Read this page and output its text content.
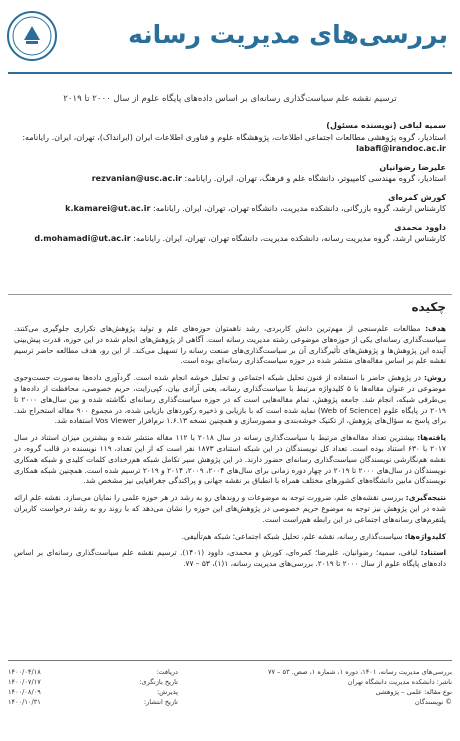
بررسی‌های مدیریت رسانه
ترسیم نقشه علم سیاست‌گذاری رسانه‌ای بر اساس داده‌های پایگاه علوم از سال ۲۰۰۰ تا ۲۰۱۹
سمیه لبافی (نویسنده مسئول)
استادیار، گروه پژوهشی مطالعات اجتماعی اطلاعات، پژوهشگاه علوم و فناوری اطلاعات ایران (ایرانداک)، تهران، ایران. رایانامه: labafi@irandoc.ac.ir
علیرضا رضوانیان
استادیار، گروه مهندسی کامپیوتر، دانشگاه علم و فرهنگ، تهران، ایران. رایانامه: rezvanian@usc.ac.ir
کورش کمره‌ای
کارشناس ارشد، گروه بازرگانی، دانشکده مدیریت، دانشگاه تهران، تهران، ایران. رایانامه: k.kamarei@ut.ac.ir
داوود محمدی
کارشناس ارشد، گروه مدیریت رسانه، دانشکده مدیریت، دانشگاه تهران، تهران، ایران. رایانامه: d.mohamadi@ut.ac.ir
چکیده

هدف: مطالعات علم‌سنجی از مهم‌ترین دانش کاربردی، رشد ناهمتوان حوزه‌های علم و تولید پژوهش‌های تکراری جلوگیری می‌کنند. سیاست‌گذاری رسانه‌ای یکی از حوزه‌های موضوعی رشته مدیریت رسانه است. آگاهی از پژوهش‌های انجام شده در این حوزه، قدرت پیش‌بینی آینده این پژوهش‌ها و پژوهش‌های تأثیرگذاری آن بر سیاست‌گذاری‌های صنعت رسانه را تسهیل می‌کند. از این رو، هدف مطالعه حاضر ترسیم نقشه علم بر اساس مقاله‌های منتشر شده در حوزه سیاست‌گذاری رسانه‌ای بوده است.

روش: در پژوهش حاضر با استفاده از فنون تحلیل شبکه اجتماعی و تحلیل خوشه انجام شده است. گردآوری داده‌ها به‌صورت جست‌وجوی موضوعی در عنوان مقاله‌ها با ۵ کلیدواژه مرتبط با سیاست‌گذاری رسانه، یعنی آزادی بیان، کپی‌رایت، حریم خصوصی، محافظت از داده‌ها و بی‌طرفی شبکه، انجام شد. جامعه پژوهش، تمام مقاله‌هایی است که در حوزه سیاست‌گذاری رسانه‌ای نگاشته شده و بین سال‌های ۲۰۰۰ تا ۲۰۱۹ در پایگاه علوم (Web of Science) نمایه شده است که با بازیابی و ذخیره رکوردهای بازیابی شده، در مجموع ۹۰۰ مقاله استخراج شد. برای پاسخ به سؤال‌های پژوهش، از تکنیک خوشه‌بندی و مصورسازی و همچنین نسخه ۱.۶.۱۳ نرم‌افزار Vos Viewer استفاده شد.

یافته‌ها: بیشترین تعداد مقاله‌های مرتبط با سیاست‌گذاری رسانه در سال ۲۰۱۸ با ۱۱۲ مقاله منتشر شده و بیشترین میزان استناد در سال ۲۰۱۷ با ۶۳۰ استناد بوده است. تعداد کل نویسندگان در این شبکه استنادی ۱۸۷۳ نفر است که از این تعداد، ۱۱۹ نویسنده در قالب گروه، در نقشه هم‌نگارشی نویسندگان سیاست‌گذاری رسانه‌ای حضور دارند. در این پژوهش سیر تکامل شبکه هم‌رخدادی کلمات کلیدی و شبکه همکاری نویسندگان در سال‌های ۲۰۰۰ تا ۲۰۱۹ در چهار دوره زمانی برای سال‌های ۲۰۰۴، ۲۰۰۹، ۲۰۱۴ و ۲۰۱۹ ترسیم شده است. همچنین شبکه همکاری نویسندگان مابین دانشگاه‌های کشورهای مختلف همراه با انطباق بر نقشه جهانی و پراکندگی جغرافیایی نیز مشخص شد.

نتیجه‌گیری: بررسی نقشه‌های علم، ضرورت توجه به موضوعات و روندهای رو به رشد در هر حوزه علمی را نمایان می‌سازد. نقشه علم ارائه شده در این پژوهش نیز توجه به موضوع حریم خصوصی در پژوهش‌های این حوزه را نشان می‌دهد که با روند رو به رشد درخواست کاربران پلتفرم‌های رسانه‌های اجتماعی در این رابطه هم‌راست است.

کلیدواژه‌ها: سیاست‌گذاری رسانه، نقشه علم، تحلیل شبکه اجتماعی؛ شبکه هم‌تألیفی.

استناد: لبافی، سمیه؛ رضوانیان، علیرضا؛ کمره‌ای، کورش و محمدی، داوود (۱۴۰۱). ترسیم نقشه علم سیاست‌گذاری رسانه‌ای بر اساس داده‌های پایگاه علوم از سال ۲۰۰۰ تا ۲۰۱۹. بررسی‌های مدیریت رسانه، ۱(۱)، ۵۳ – ۷۷.

بررسی‌های مدیریت رسانه، ۱۴۰۱، دوره ۱، شماره ۱، صص. ۵۳ – ۷۷
ناشر: دانشکده مدیریت دانشگاه تهران
نوع مقاله: علمی – پژوهشی
© نویسندگان
دریافت:
۱۴۰۰/۰۴/۱۸
تاریخ بازنگری:
۱۴۰۰/۰۷/۱۷
پذیرش:
۱۴۰۰/۰۸/۰۹
تاریخ انتشار:
۱۴۰۰/۱۰/۳۱
